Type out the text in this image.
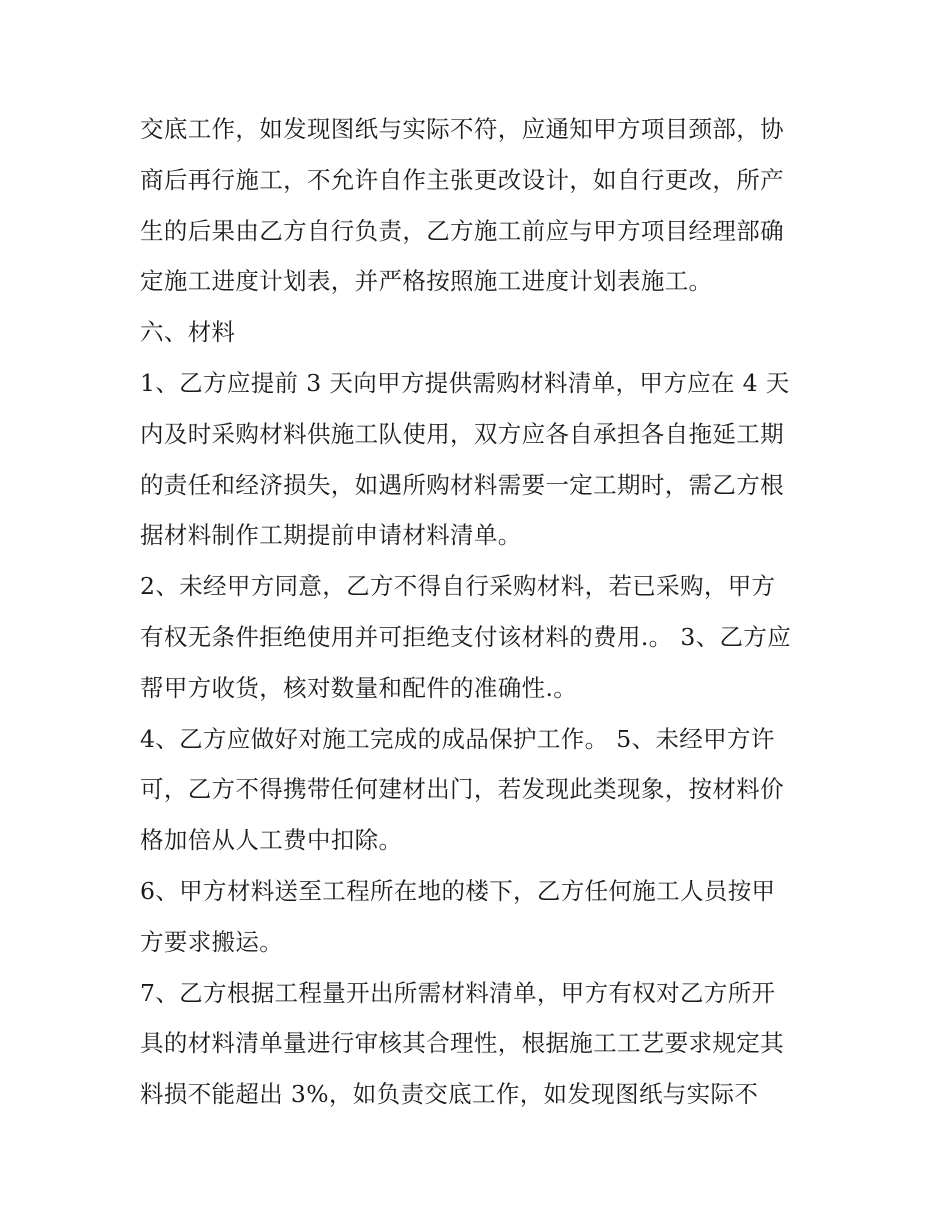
交底工作，如发现图纸与实际不符，应通知甲方项目颈部，协
商后再行施工，不允许自作主张更改设计，如自行更改，所产
生的后果由乙方自行负责，乙方施工前应与甲方项目经理部确
定施工进度计划表，并严格按照施工进度计划表施工。
六、材料
1、乙方应提前 3 天向甲方提供需购材料清单，甲方应在 4 天
内及时采购材料供施工队使用，双方应各自承担各自拖延工期
的责任和经济损失，如遇所购材料需要一定工期时，需乙方根
据材料制作工期提前申请材料清单。
2、未经甲方同意，乙方不得自行采购材料，若已采购，甲方
有权无条件拒绝使用并可拒绝支付该材料的费用.。 3、乙方应
帮甲方收货，核对数量和配件的准确性.。
4、乙方应做好对施工完成的成品保护工作。 5、未经甲方许
可，乙方不得携带任何建材出门，若发现此类现象，按材料价
格加倍从人工费中扣除。
6、甲方材料送至工程所在地的楼下，乙方任何施工人员按甲
方要求搬运。
7、乙方根据工程量开出所需材料清单，甲方有权对乙方所开
具的材料清单量进行审核其合理性，根据施工工艺要求规定其
料损不能超出 3%，如负责交底工作，如发现图纸与实际不
